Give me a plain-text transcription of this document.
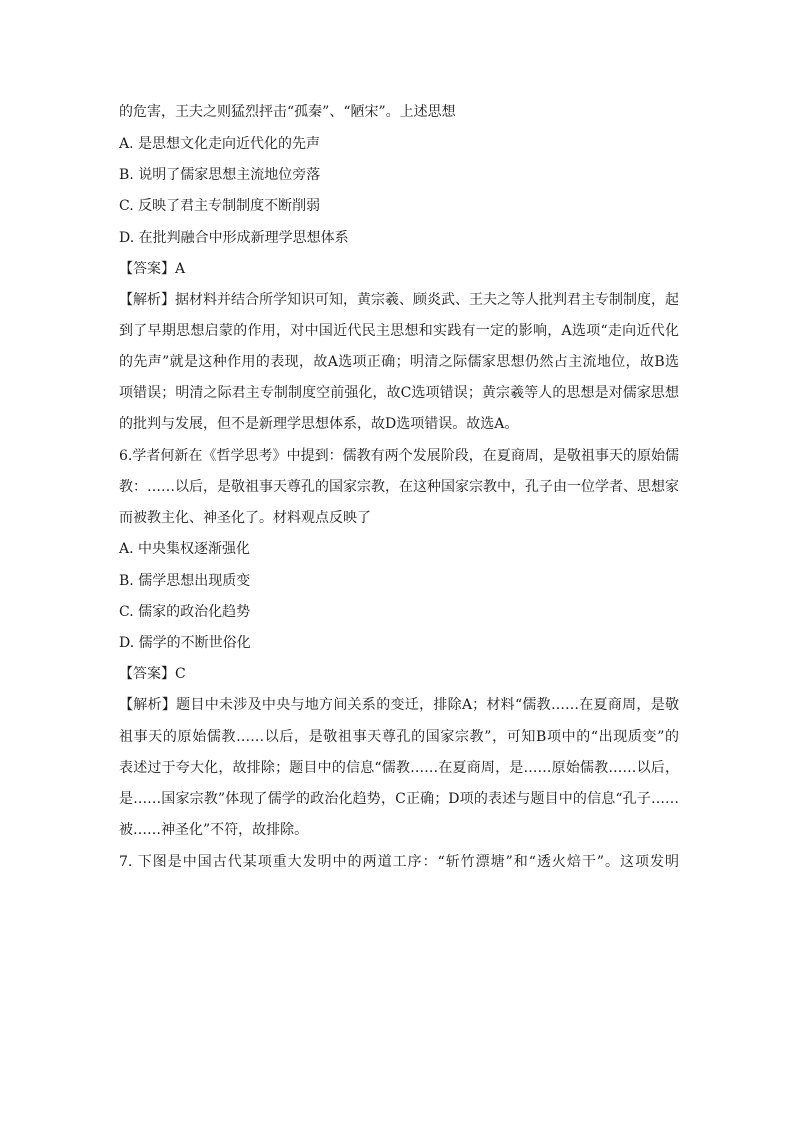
的危害，王夫之则猛烈抨击“孤秦”、“陋宋”。上述思想
A. 是思想文化走向近代化的先声
B. 说明了儒家思想主流地位旁落
C. 反映了君主专制制度不断削弱
D. 在批判融合中形成新理学思想体系
【答案】A
【解析】据材料并结合所学知识可知，黄宗羲、顾炎武、王夫之等人批判君主专制制度，起
到了早期思想启蒙的作用，对中国近代民主思想和实践有一定的影响，A选项“走向近代化
的先声”就是这种作用的表现，故A选项正确；明清之际儒家思想仍然占主流地位，故B选
项错误；明清之际君主专制制度空前强化，故C选项错误；黄宗羲等人的思想是对儒家思想
的批判与发展，但不是新理学思想体系，故D选项错误。故选A。
6.学者何新在《哲学思考》中提到：儒教有两个发展阶段，在夏商周，是敬祖事天的原始儒
教：……以后，是敬祖事天尊孔的国家宗教，在这种国家宗教中，孔子由一位学者、思想家
而被教主化、神圣化了。材料观点反映了
A. 中央集权逐渐强化
B. 儒学思想出现质变
C. 儒家的政治化趋势
D. 儒学的不断世俗化
【答案】C
【解析】题目中未涉及中央与地方间关系的变迁，排除A；材料“儒教……在夏商周，是敬
祖事天的原始儒教……以后，是敬祖事天尊孔的国家宗教”，可知B项中的“出现质变”的
表述过于夸大化，故排除；题目中的信息“儒教……在夏商周，是……原始儒教……以后，
是……国家宗教”体现了儒学的政治化趋势，C正确；D项的表述与题目中的信息“孔子……
被……神圣化”不符，故排除。
7. 下图是中国古代某项重大发明中的两道工序：“斩竹漂塘”和“透火焙干”。这项发明
